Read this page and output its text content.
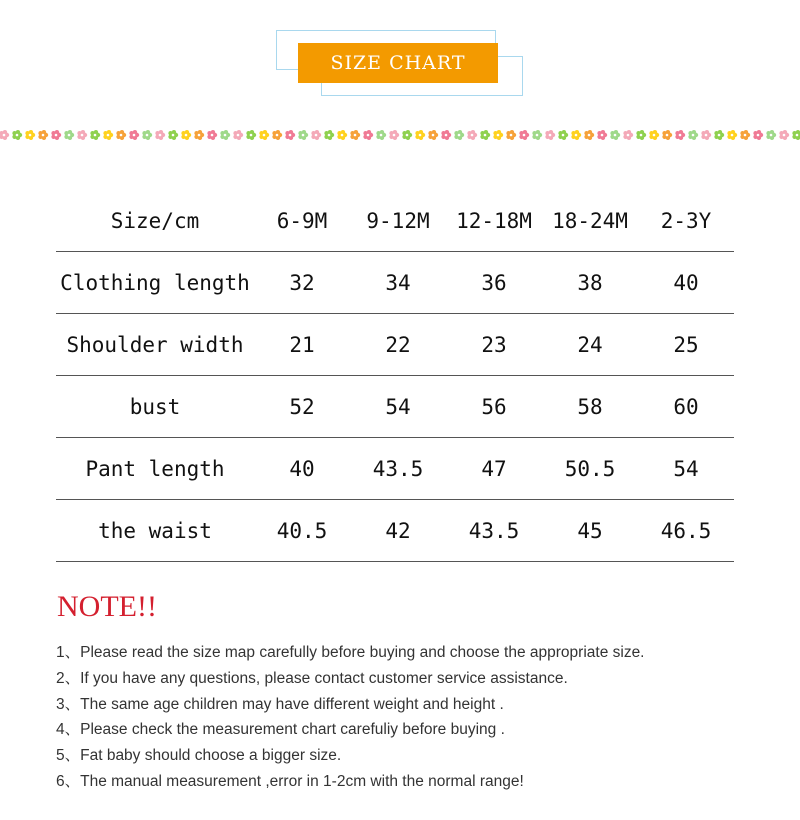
SIZE CHART
Size/cm	6-9M	9-12M	12-18M	18-24M	2-3Y
Clothing length	32	34	36	38	40
Shoulder width	21	22	23	24	25
bust	52	54	56	58	60
Pant length	40	43.5	47	50.5	54
the waist	40.5	42	43.5	45	46.5
NOTE!!
1、Please read the size map carefully before buying and choose the appropriate size.
2、If you have any questions, please contact customer service assistance.
3、The same age children may have different weight and height .
4、Please check the measurement chart carefuliy before buying .
5、Fat baby should choose a bigger size.
6、The manual measurement ,error in 1-2cm with the normal range!
